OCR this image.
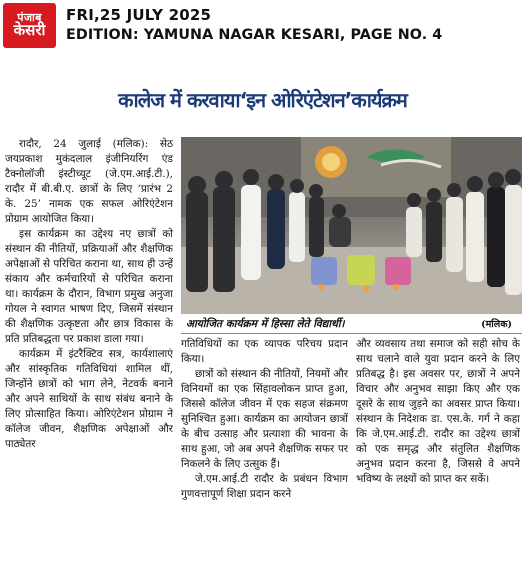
पंजाब
केसरी
FRI,25 JULY 2025
EDITION: YAMUNA NAGAR KESARI, PAGE NO. 4
कालेज में करवाया ‘इन ओरिएंटेशन’ कार्यक्रम

रादौर, 24 जुलाई (मलिक): सेठ जयप्रकाश मुकंदलाल इंजीनियरिंग एंड टैक्नोलॉजी इंस्टीच्यूट (जे.एम.आई.टी.), रादौर में बी.बी.ए. छात्रों के लिए ‘प्रारंभ 2 के. 25’ नामक एक सफल ओरिएंटेशन प्रोग्राम आयोजित किया।

इस कार्यक्रम का उद्देश्य नए छात्रों को संस्थान की नीतियों, प्रक्रियाओं और शैक्षणिक अपेक्षाओं से परिचित कराना था, साथ ही उन्हें संकाय और कर्मचारियों से परिचित कराना था। कार्यक्रम के दौरान, विभाग प्रमुख अनुजा गोयल ने स्वागत भाषण दिए, जिसमें संस्थान की शैक्षणिक उत्कृष्टता और छात्र विकास के प्रति प्रतिबद्धता पर प्रकाश डाला गया।

कार्यक्रम में इंटरैक्टिव सत्र, कार्यशालाएं और सांस्कृतिक गतिविधियां शामिल थीं, जिन्होंने छात्रों को भाग लेने, नेटवर्क बनाने और अपने साथियों के साथ संबंध बनाने के लिए प्रोत्साहित किया। ओरिएंटेशन प्रोग्राम ने कॉलेज जीवन, शैक्षणिक अपेक्षाओं और पाठ्येतर

आयोजित कार्यक्रम में हिस्सा लेते विद्यार्थी।	(मलिक)

गतिविधियों का एक व्यापक परिचय प्रदान किया।

छात्रों को संस्थान की नीतियों, नियमों और विनियमों का एक सिंहावलोकन प्राप्त हुआ, जिससे कॉलेज जीवन में एक सहज संक्रमण सुनिश्चित हुआ। कार्यक्रम का आयोजन छात्रों के बीच उत्साह और प्रत्याशा की भावना के साथ हुआ, जो अब अपने शैक्षणिक सफर पर निकलने के लिए उत्सुक हैं।

जे.एम.आई.टी रादौर के प्रबंधन विभाग गुणवत्तापूर्ण शिक्षा प्रदान करने

और व्यवसाय तथा समाज को सही सोच के साथ चलाने वाले युवा प्रदान करने के लिए प्रतिबद्ध है। इस अवसर पर, छात्रों ने अपने विचार और अनुभव साझा किए और एक दूसरे के साथ जुड़ने का अवसर प्राप्त किया। संस्थान के निदेशक डा. एस.के. गर्ग ने कहा कि जे.एम.आई.टी. रादौर का उद्देश्य छात्रों को एक समृद्ध और संतुलित शैक्षणिक अनुभव प्रदान करना है, जिससे वे अपने भविष्य के लक्ष्यों को प्राप्त कर सकें।
